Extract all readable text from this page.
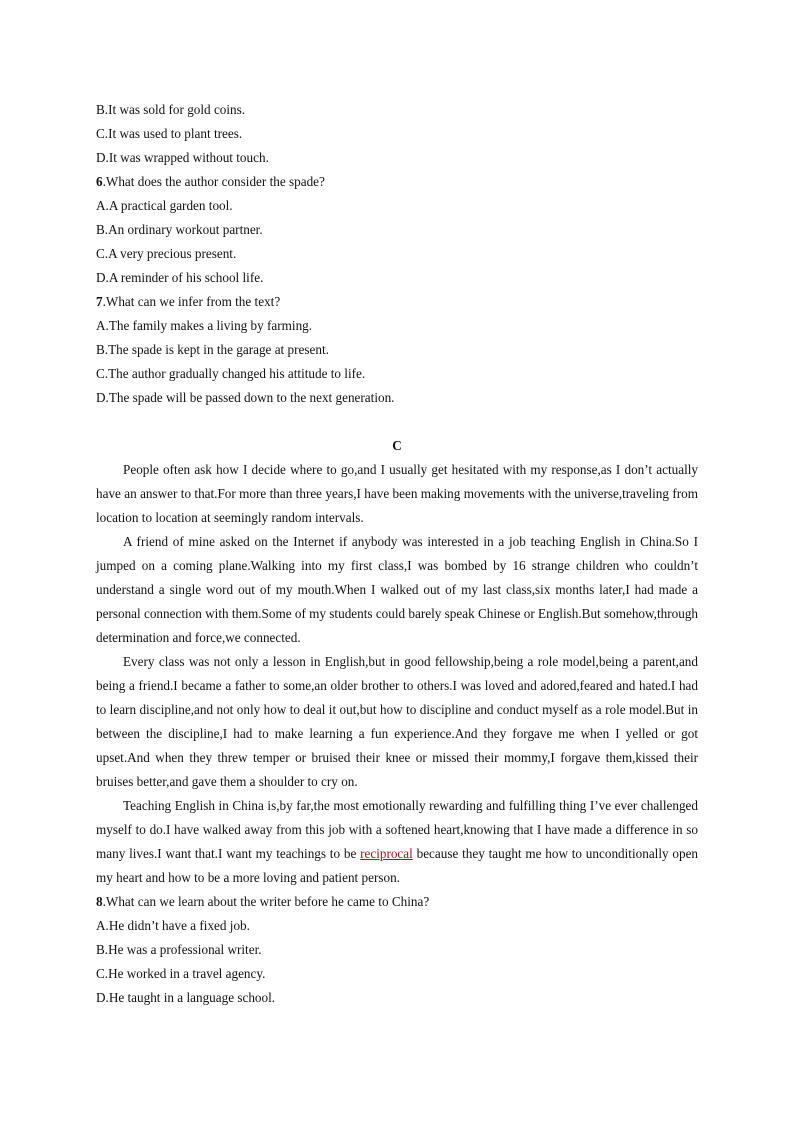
B.It was sold for gold coins.
C.It was used to plant trees.
D.It was wrapped without touch.
6.What does the author consider the spade?
A.A practical garden tool.
B.An ordinary workout partner.
C.A very precious present.
D.A reminder of his school life.
7.What can we infer from the text?
A.The family makes a living by farming.
B.The spade is kept in the garage at present.
C.The author gradually changed his attitude to life.
D.The spade will be passed down to the next generation.
C

People often ask how I decide where to go,and I usually get hesitated with my response,as I don’t actually have an answer to that.For more than three years,I have been making movements with the universe,traveling from location to location at seemingly random intervals.

A friend of mine asked on the Internet if anybody was interested in a job teaching English in China.So I jumped on a coming plane.Walking into my first class,I was bombed by 16 strange children who couldn’t understand a single word out of my mouth.When I walked out of my last class,six months later,I had made a personal connection with them.Some of my students could barely speak Chinese or English.But somehow,through determination and force,we connected.

Every class was not only a lesson in English,but in good fellowship,being a role model,being a parent,and being a friend.I became a father to some,an older brother to others.I was loved and adored,feared and hated.I had to learn discipline,and not only how to deal it out,but how to discipline and conduct myself as a role model.But in between the discipline,I had to make learning a fun experience.And they forgave me when I yelled or got upset.And when they threw temper or bruised their knee or missed their mommy,I forgave them,kissed their bruises better,and gave them a shoulder to cry on.

Teaching English in China is,by far,the most emotionally rewarding and fulfilling thing I’ve ever challenged myself to do.I have walked away from this job with a softened heart,knowing that I have made a difference in so many lives.I want that.I want my teachings to be reciprocal because they taught me how to unconditionally open my heart and how to be a more loving and patient person.

8.What can we learn about the writer before he came to China?
A.He didn’t have a fixed job.
B.He was a professional writer.
C.He worked in a travel agency.
D.He taught in a language school.
